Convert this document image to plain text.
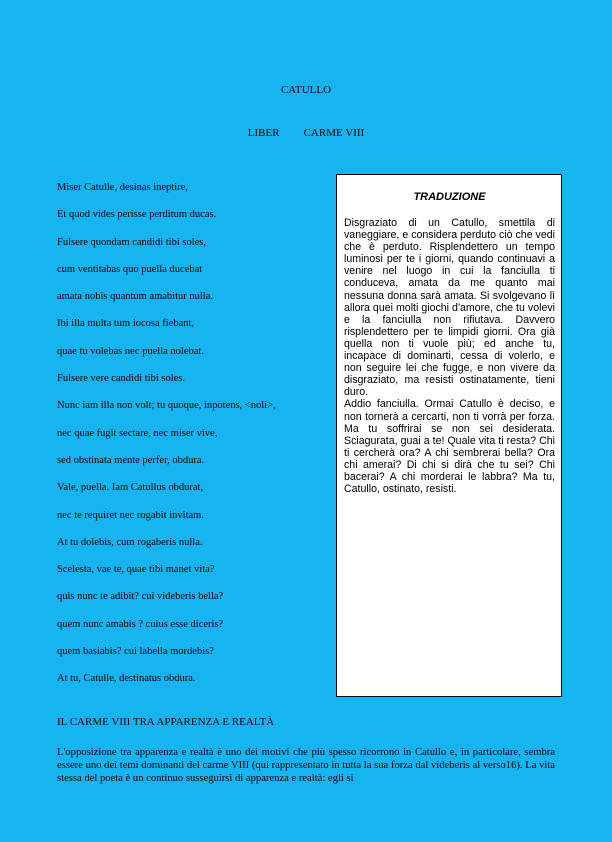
CATULLO
LIBER CARME VIII
Miser Catulle, desinas ineptire,
Et quod vides perisse perditum ducas.
Fulsere quondam candidi tibi soles,
cum ventitabas quo puella ducebat
amata nobis quantum amabitur nulla.
Ibi illa multa tum iocosa fiebant,
quae tu volebas nec puella nolebat.
Fulsere vere candidi tibi soles.
Nunc iam illa non volt; tu quoque, inpotens, <noli>,
nec quae fugit sectare, nec miser vive,
sed obstinata mente perfer, obdura.
Vale, puella. Iam Catullus obdurat,
nec te requiret nec rogabit invitam.
At tu dolebis, cum rogaberis nulla.
Scelesta, vae te, quae tibi manet vita?
quis nunc te adibit? cui videberis bella?
quem nunc amabis ? cuius esse diceris?
quem basiabis? cui labella mordebis?
At tu, Catulle, destinatus obdura.
TRADUZIONE

Disgraziato di un Catullo, smettila di vaneggiare, e considera perduto ciò che vedi che è perduto. Risplendettero un tempo luminosi per te i giorni, quando continuavi a venire nel luogo in cui la fanciulla ti conduceva, amata da me quanto mai nessuna donna sarà amata. Si svolgevano lì allora quei molti giochi d'amore, che tu volevi e la fanciulla non rifiutava. Davvero risplendettero per te limpidi giorni. Ora già quella non ti vuole più; ed anche tu, incapace di dominarti, cessa di volerlo, e non seguire lei che fugge, e non vivere da disgraziato, ma resisti ostinatamente, tieni duro.

Addio fanciulla. Ormai Catullo è deciso, e non tornerà a cercarti, non ti vorrà per forza. Ma tu soffrirai se non sei desiderata. Sciagurata, guai a te! Quale vita ti resta? Chi ti cercherà ora? A chi sembrerai bella? Ora chi amerai? Di chi si dirà che tu sei? Chi bacerai? A chi morderai le labbra? Ma tu, Catullo, ostinato, resisti.

IL CARME VIII TRA APPARENZA E REALTÀ
L'opposizione tra apparenza e realtà è uno dei motivi che più spesso ricorrono in Catullo e, in particolare, sembra essere uno dei temi dominanti del carme VIII (qui rappresentato in tutta la sua forza dal videberis al verso16). La vita stessa del poeta è un continuo susseguirsi di apparenza e realtà: egli si
